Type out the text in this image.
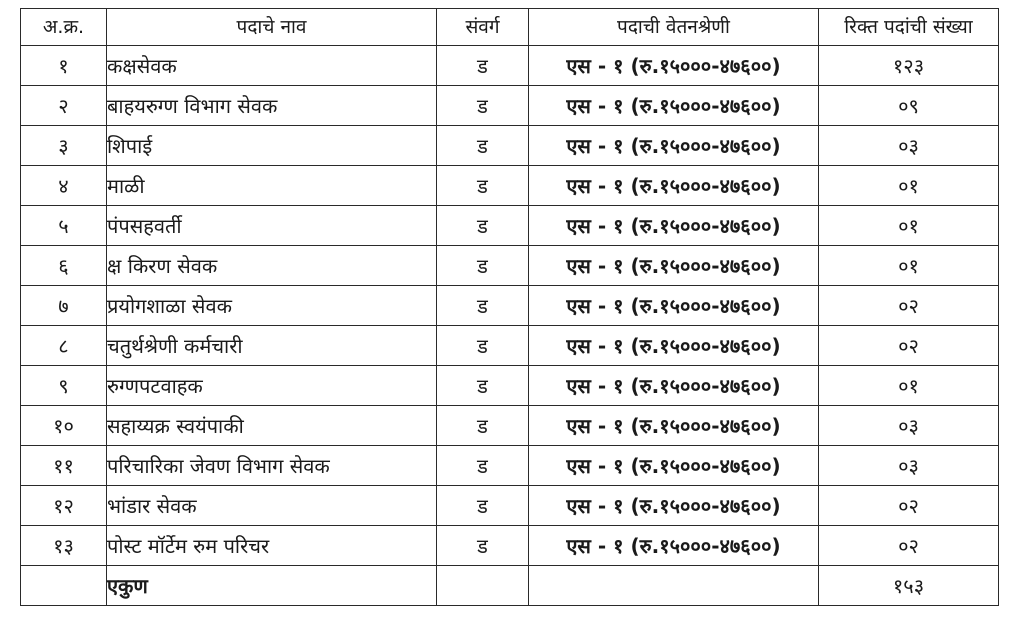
अ.क्र.	पदाचे नाव	संवर्ग	पदाची वेतनश्रेणी	रिक्त पदांची संख्या
१	कक्षसेवक	ड	एस - १ (रु.१५०००-४७६००)	१२३
२	बाहयरुग्ण विभाग सेवक	ड	एस - १ (रु.१५०००-४७६००)	०९
३	शिपाई	ड	एस - १ (रु.१५०००-४७६००)	०३
४	माळी	ड	एस - १ (रु.१५०००-४७६००)	०१
५	पंपसहवर्ती	ड	एस - १ (रु.१५०००-४७६००)	०१
६	क्ष किरण सेवक	ड	एस - १ (रु.१५०००-४७६००)	०१
७	प्रयोगशाळा सेवक	ड	एस - १ (रु.१५०००-४७६००)	०२
८	चतुर्थश्रेणी कर्मचारी	ड	एस - १ (रु.१५०००-४७६००)	०२
९	रुग्णपटवाहक	ड	एस - १ (रु.१५०००-४७६००)	०१
१०	सहाय्यक्र स्वयंपाकी	ड	एस - १ (रु.१५०००-४७६००)	०३
११	परिचारिका जेवण विभाग सेवक	ड	एस - १ (रु.१५०००-४७६००)	०३
१२	भांडार सेवक	ड	एस - १ (रु.१५०००-४७६००)	०२
१३	पोस्ट मॉर्टेम रुम परिचर	ड	एस - १ (रु.१५०००-४७६००)	०२
	एकुण			१५३
